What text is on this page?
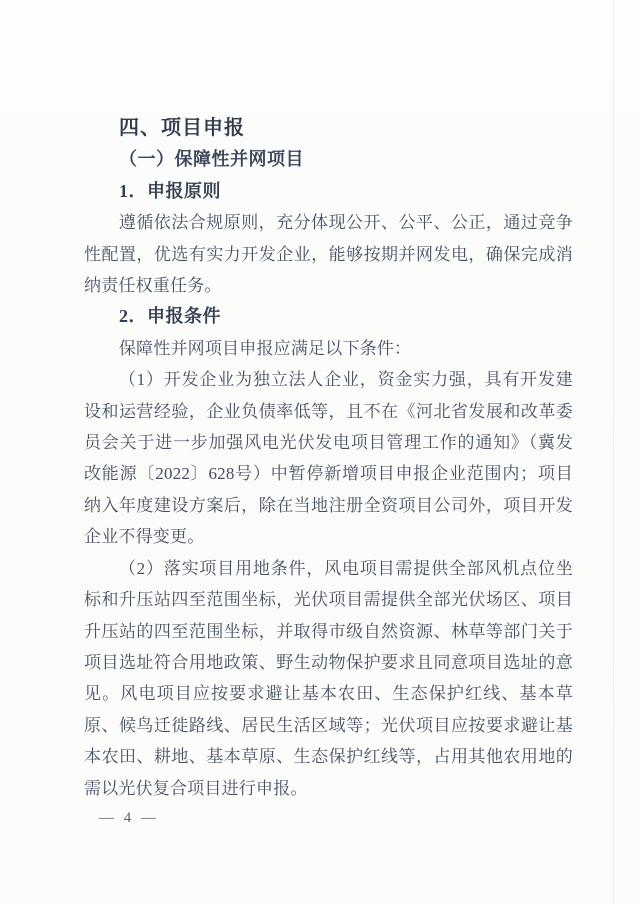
四、项目申报
（一）保障性并网项目
1．申报原则

遵循依法合规原则，充分体现公开、公平、公正，通过竞争性配置，优选有实力开发企业，能够按期并网发电，确保完成消纳责任权重任务。

2．申报条件

保障性并网项目申报应满足以下条件：

（1）开发企业为独立法人企业，资金实力强，具有开发建设和运营经验，企业负债率低等，且不在《河北省发展和改革委员会关于进一步加强风电光伏发电项目管理工作的通知》（冀发改能源〔2022〕628号）中暂停新增项目申报企业范围内；项目纳入年度建设方案后，除在当地注册全资项目公司外，项目开发企业不得变更。

（2）落实项目用地条件，风电项目需提供全部风机点位坐标和升压站四至范围坐标，光伏项目需提供全部光伏场区、项目升压站的四至范围坐标，并取得市级自然资源、林草等部门关于项目选址符合用地政策、野生动物保护要求且同意项目选址的意见。风电项目应按要求避让基本农田、生态保护红线、基本草原、候鸟迁徙路线、居民生活区域等；光伏项目应按要求避让基本农田、耕地、基本草原、生态保护红线等，占用其他农用地的需以光伏复合项目进行申报。

— 4 —
